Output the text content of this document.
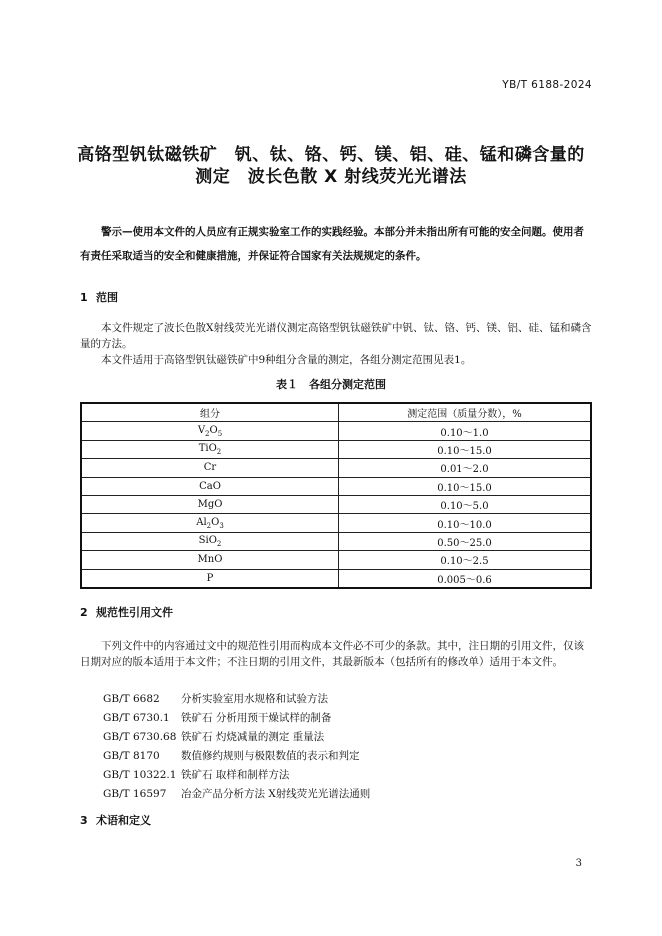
YB/T 6188-2024
高铬型钒钛磁铁矿　钒、钛、铬、钙、镁、铝、硅、锰和磷含量的
测定　波长色散 X 射线荧光光谱法

警示—使用本文件的人员应有正规实验室工作的实践经验。本部分并未指出所有可能的安全问题。使用者有责任采取适当的安全和健康措施，并保证符合国家有关法规规定的条件。

1 范围

本文件规定了波长色散X射线荧光光谱仪测定高铬型钒钛磁铁矿中钒、钛、铬、钙、镁、铝、硅、锰和磷含量的方法。

本文件适用于高铬型钒钛磁铁矿中9种组分含量的测定，各组分测定范围见表1。

表１　各组分测定范围
组分	测定范围（质量分数），%
$V_2O_5$	0.10～1.0
TiO$_2$	0.10～15.0
Cr	0.01～2.0
CaO	0.10～15.0
MgO	0.10～5.0
$Al_2O_3$	0.10～10.0
SiO$_2$	0.50～25.0
MnO	0.10～2.5
P	0.005～0.6
2 规范性引用文件

下列文件中的内容通过文中的规范性引用而构成本文件必不可少的条款。其中，注日期的引用文件，仅该日期对应的版本适用于本文件；不注日期的引用文件，其最新版本（包括所有的修改单）适用于本文件。

GB/T 6682 分析实验室用水规格和试验方法
GB/T 6730.1 铁矿石 分析用预干燥试样的制备
GB/T 6730.68 铁矿石 灼烧减量的测定 重量法
GB/T 8170 数值修约规则与极限数值的表示和判定
GB/T 10322.1 铁矿石 取样和制样方法
GB/T 16597 冶金产品分析方法 X射线荧光光谱法通则
3 术语和定义
3
